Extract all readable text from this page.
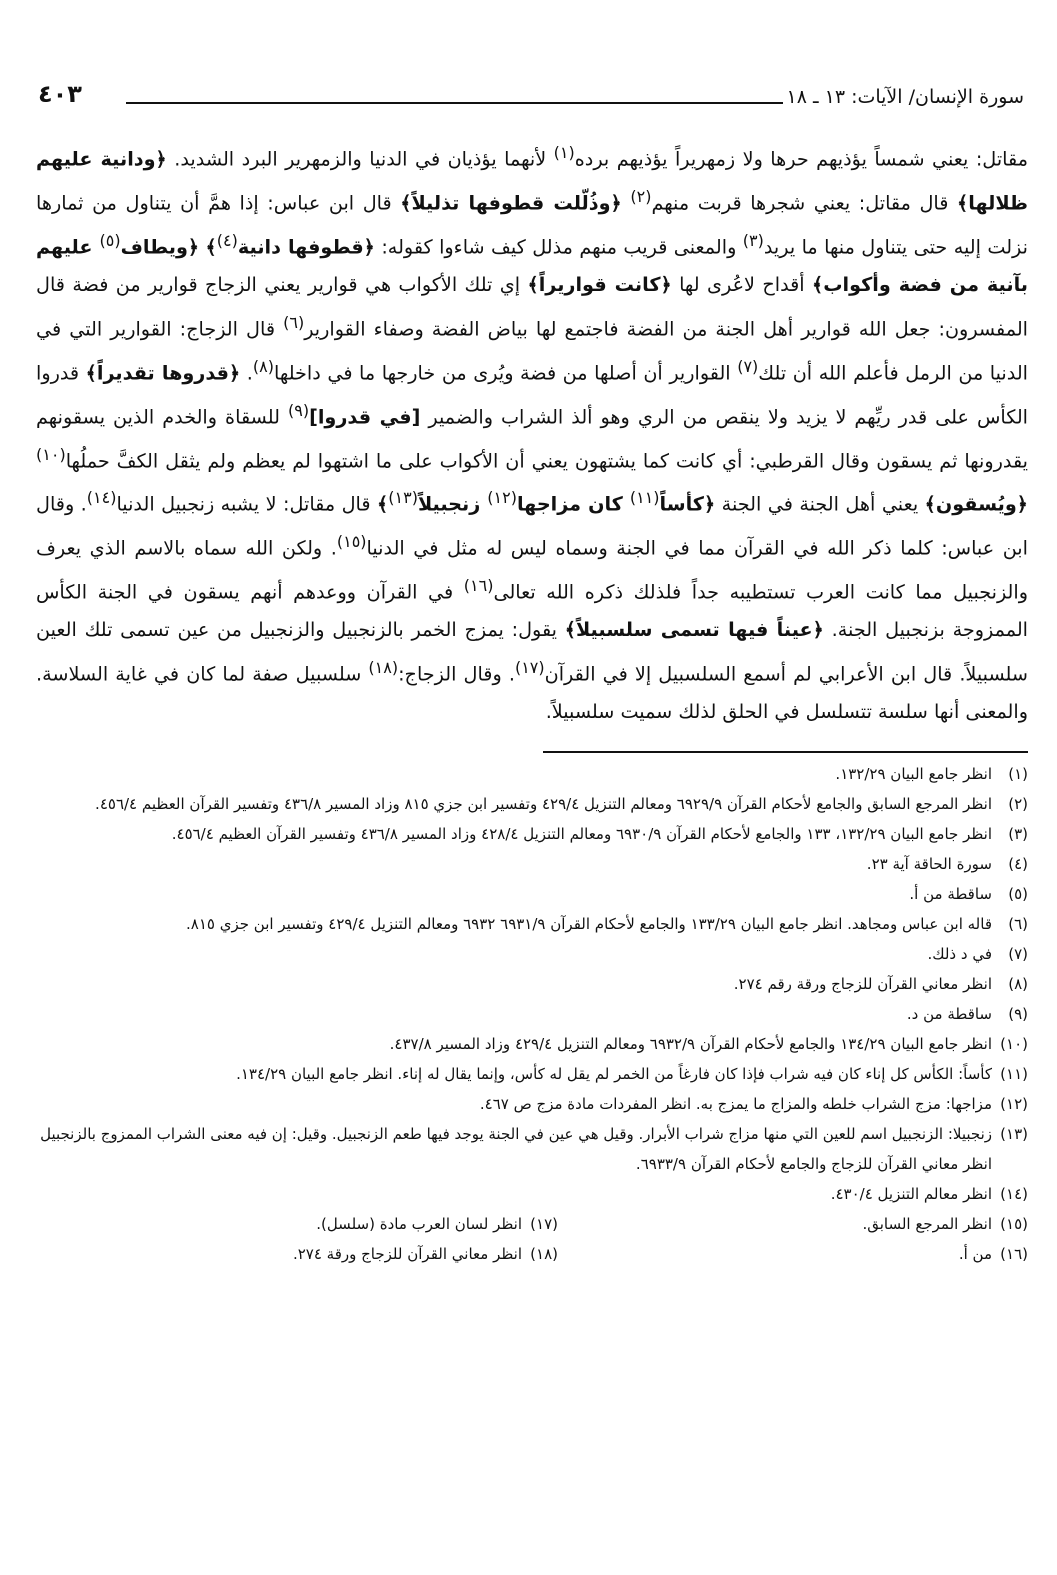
سورة الإنسان/ الآيات: ١٣ ـ ١٨
٤٠٣
مقاتل: يعني شمساً يؤذيهم حرها ولا زمهريراً يؤذيهم برده$^{(١)}$ لأنهما يؤذيان في الدنيا والزمهرير البرد الشديد. ﴿ودانية عليهم ظلالها﴾ قال مقاتل: يعني شجرها قربت منهم$^{(٢)}$ ﴿وذُلّلت قطوفها تذليلاً﴾ قال ابن عباس: إذا همَّ أن يتناول من ثمارها نزلت إليه حتى يتناول منها ما يريد$^{(٣)}$ والمعنى قريب منهم مذلل كيف شاءوا كقوله: ﴿قطوفها دانية$^{(٤)}$﴾ ﴿ويطاف$^{(٥)}$ عليهم بآنية من فضة وأكواب﴾ أقداح لاعُرى لها ﴿كانت قواريراً﴾ إي تلك الأكواب هي قوارير يعني الزجاج قوارير من فضة قال المفسرون: جعل الله قوارير أهل الجنة من الفضة فاجتمع لها بياض الفضة وصفاء القوارير$^{(٦)}$ قال الزجاج: القوارير التي في الدنيا من الرمل فأعلم الله أن تلك$^{(٧)}$ القوارير أن أصلها من فضة ويُرى من خارجها ما في داخلها$^{(٨)}$. ﴿قدروها تقديراً﴾ قدروا الكأس على قدر ريِّهم لا يزيد ولا ينقص من الري وهو ألذ الشراب والضمير [في قدروا]$^{(٩)}$ للسقاة والخدم الذين يسقونهم يقدرونها ثم يسقون وقال القرطبي: أي كانت كما يشتهون يعني أن الأكواب على ما اشتهوا لم يعظم ولم يثقل الكفَّ حملُها$^{(١٠)}$ ﴿ويُسقون﴾ يعني أهل الجنة في الجنة ﴿كأساً$^{(١١)}$ كان مزاجها$^{(١٢)}$ زنجبيلاً$^{(١٣)}$﴾ قال مقاتل: لا يشبه زنجبيل الدنيا$^{(١٤)}$. وقال ابن عباس: كلما ذكر الله في القرآن مما في الجنة وسماه ليس له مثل في الدنيا$^{(١٥)}$. ولكن الله سماه بالاسم الذي يعرف والزنجبيل مما كانت العرب تستطيبه جداً فلذلك ذكره الله تعالى$^{(١٦)}$ في القرآن ووعدهم أنهم يسقون في الجنة الكأس الممزوجة بزنجبيل الجنة. ﴿عيناً فيها تسمى سلسبيلاً﴾ يقول: يمزج الخمر بالزنجبيل والزنجبيل من عين تسمى تلك العين سلسبيلاً. قال ابن الأعرابي لم أسمع السلسبيل إلا في القرآن$^{(١٧)}$. وقال الزجاج:$^{(١٨)}$ سلسبيل صفة لما كان في غاية السلاسة. والمعنى أنها سلسة تتسلسل في الحلق لذلك سميت سلسبيلاً.
(١)انظر جامع البيان ١٣٢/٢٩.
(٢)انظر المرجع السابق والجامع لأحكام القرآن ٦٩٢٩/٩ ومعالم التنزيل ٤٢٩/٤ وتفسير ابن جزي ٨١٥ وزاد المسير ٤٣٦/٨ وتفسير القرآن العظيم ٤٥٦/٤.
(٣)انظر جامع البيان ١٣٢/٢٩، ١٣٣ والجامع لأحكام القرآن ٦٩٣٠/٩ ومعالم التنزيل ٤٢٨/٤ وزاد المسير ٤٣٦/٨ وتفسير القرآن العظيم ٤٥٦/٤.
(٤)سورة الحاقة آية ٢٣.
(٥)ساقطة من أ.
(٦)قاله ابن عباس ومجاهد. انظر جامع البيان ١٣٣/٢٩ والجامع لأحكام القرآن ٦٩٣١/٩ ٦٩٣٢ ومعالم التنزيل ٤٢٩/٤ وتفسير ابن جزي ٨١٥.
(٧)في د ذلك.
(٨)انظر معاني القرآن للزجاج ورقة رقم ٢٧٤.
(٩)ساقطة من د.
(١٠)انظر جامع البيان ١٣٤/٢٩ والجامع لأحكام القرآن ٦٩٣٢/٩ ومعالم التنزيل ٤٢٩/٤ وزاد المسير ٤٣٧/٨.
(١١)كأساً: الكأس كل إناء كان فيه شراب فإذا كان فارغاً من الخمر لم يقل له كأس، وإنما يقال له إناء. انظر جامع البيان ١٣٤/٢٩.
(١٢)مزاجها: مزج الشراب خلطه والمزاج ما يمزج به. انظر المفردات مادة مزج ص ٤٦٧.
(١٣)زنجبيلا: الزنجبيل اسم للعين التي منها مزاج شراب الأبرار. وقيل هي عين في الجنة يوجد فيها طعم الزنجبيل. وقيل: إن فيه معنى الشراب الممزوج بالزنجبيل انظر معاني القرآن للزجاج والجامع لأحكام القرآن ٦٩٣٣/٩.
(١٤)انظر معالم التنزيل ٤٣٠/٤.
(١٥)انظر المرجع السابق.
(١٧)انظر لسان العرب مادة (سلسل).
(١٦)من أ.
(١٨)انظر معاني القرآن للزجاج ورقة ٢٧٤.
